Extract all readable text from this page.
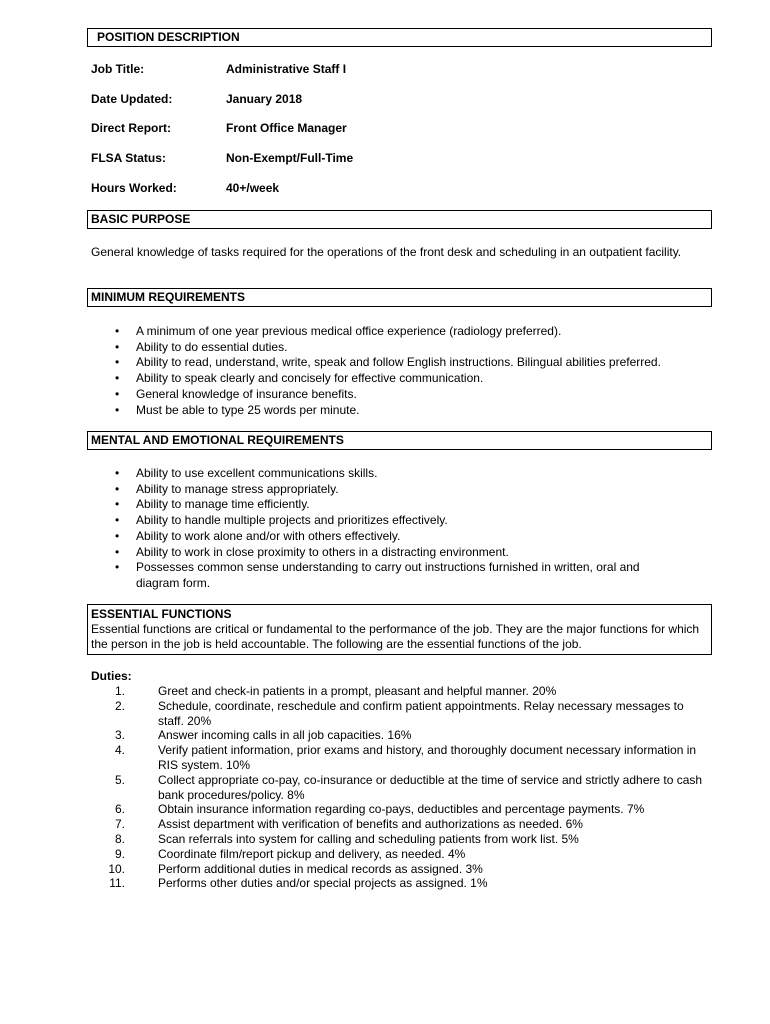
POSITION DESCRIPTION
Job Title:	Administrative Staff I
Date Updated:	January 2018
Direct Report:	Front Office Manager
FLSA Status:	Non-Exempt/Full-Time
Hours Worked:	40+/week
BASIC PURPOSE
General knowledge of tasks required for the operations of the front desk and scheduling in an outpatient facility.
MINIMUM REQUIREMENTS
• A minimum of one year previous medical office experience (radiology preferred).
• Ability to do essential duties.
• Ability to read, understand, write, speak and follow English instructions. Bilingual abilities preferred.
• Ability to speak clearly and concisely for effective communication.
• General knowledge of insurance benefits.
• Must be able to type 25 words per minute.
MENTAL AND EMOTIONAL REQUIREMENTS
• Ability to use excellent communications skills.
• Ability to manage stress appropriately.
• Ability to manage time efficiently.
• Ability to handle multiple projects and prioritizes effectively.
• Ability to work alone and/or with others effectively.
• Ability to work in close proximity to others in a distracting environment.
• Possesses common sense understanding to carry out instructions furnished in written, oral and diagram form.
ESSENTIAL FUNCTIONS
Essential functions are critical or fundamental to the performance of the job. They are the major functions for which the person in the job is held accountable. The following are the essential functions of the job.
Duties:
1.	Greet and check-in patients in a prompt, pleasant and helpful manner. 20%
2.	Schedule, coordinate, reschedule and confirm patient appointments. Relay necessary messages to staff. 20%
3.	Answer incoming calls in all job capacities. 16%
4.	Verify patient information, prior exams and history, and thoroughly document necessary information in RIS system. 10%
5.	Collect appropriate co-pay, co-insurance or deductible at the time of service and strictly adhere to cash bank procedures/policy. 8%
6.	Obtain insurance information regarding co-pays, deductibles and percentage payments. 7%
7.	Assist department with verification of benefits and authorizations as needed. 6%
8.	Scan referrals into system for calling and scheduling patients from work list. 5%
9.	Coordinate film/report pickup and delivery, as needed. 4%
10.	Perform additional duties in medical records as assigned. 3%
11.	Performs other duties and/or special projects as assigned. 1%
